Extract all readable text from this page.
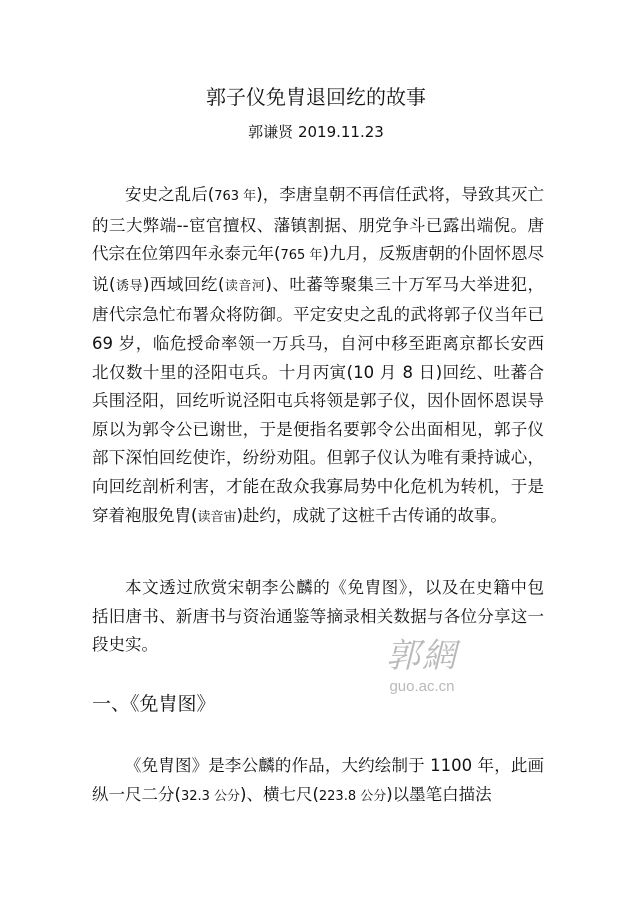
郭子仪免胄退回纥的故事
郭谦贤 2019.11.23

安史之乱后(763 年)，李唐皇朝不再信任武将，导致其灭亡的三大弊端--宦官擅权、藩镇割据、朋党争斗已露出端倪。唐代宗在位第四年永泰元年(765 年)九月，反叛唐朝的仆固怀恩尽说(诱导)西域回纥(读音河)、吐蕃等聚集三十万军马大举进犯，唐代宗急忙布署众将防御。平定安史之乱的武将郭子仪当年已 69 岁，临危授命率领一万兵马，自河中移至距离京都长安西北仅数十里的泾阳屯兵。十月丙寅(10 月 8 日)回纥、吐蕃合兵围泾阳，回纥听说泾阳屯兵将领是郭子仪，因仆固怀恩误导原以为郭令公已谢世，于是便指名要郭令公出面相见，郭子仪部下深怕回纥使诈，纷纷劝阻。但郭子仪认为唯有秉持诚心，向回纥剖析利害，才能在敌众我寡局势中化危机为转机，于是穿着袍服免胄(读音宙)赴约，成就了这桩千古传诵的故事。

本文透过欣赏宋朝李公麟的《免胄图》，以及在史籍中包括旧唐书、新唐书与资治通鉴等摘录相关数据与各位分享这一段史实。

一、《免胄图》

《免胄图》是李公麟的作品，大约绘制于 1100 年，此画纵一尺二分(32.3 公分)、横七尺(223.8 公分)以墨笔白描法

郭網
guo.ac.cn
